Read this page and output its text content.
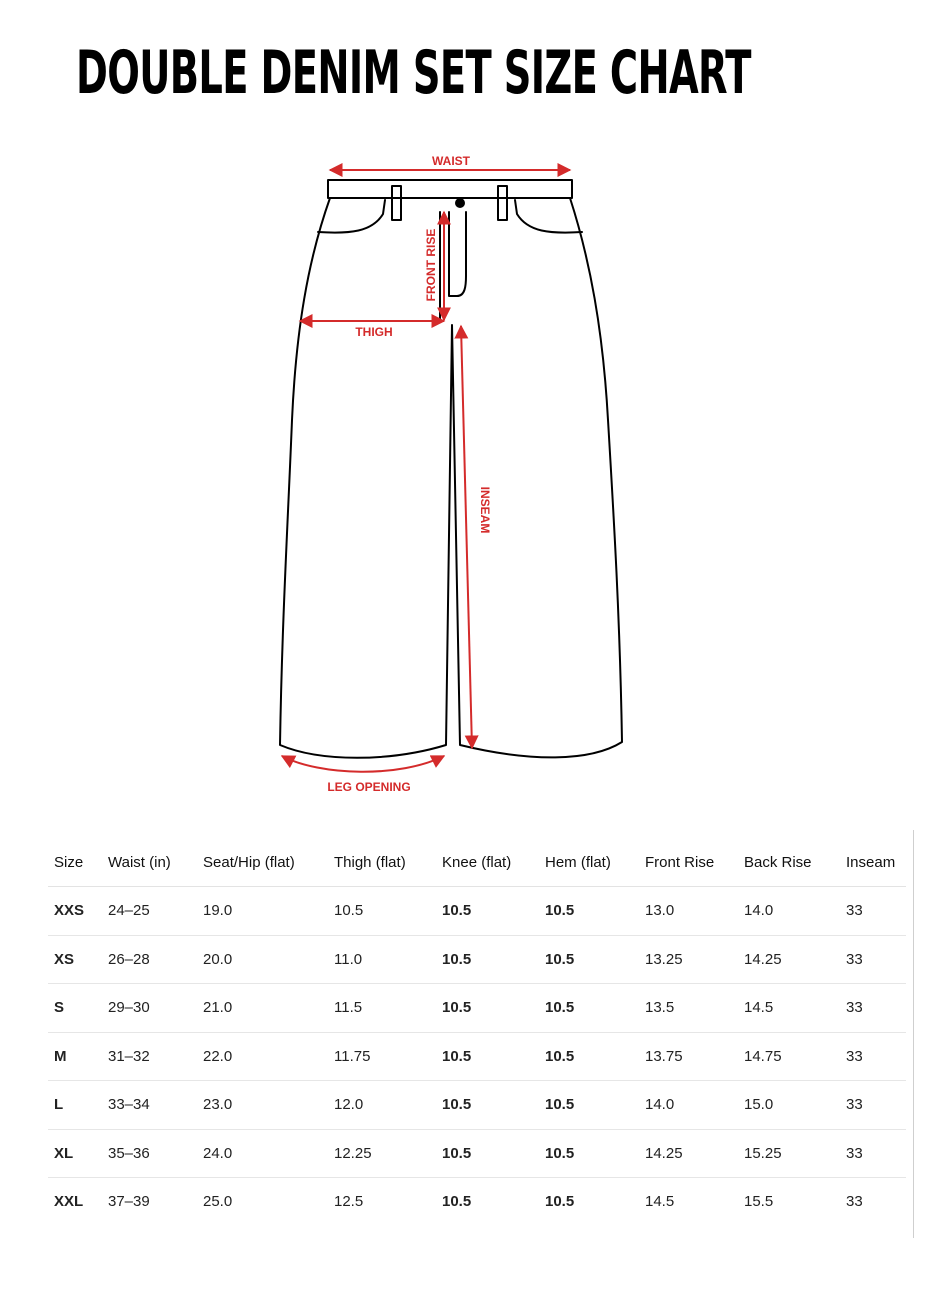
DOUBLE DENIM SET SIZE CHART
WAIST
FRONT RISE
THIGH
INSEAM
LEG OPENING
Size	Waist (in)	Seat/Hip (flat)	Thigh (flat)	Knee (flat)	Hem (flat)	Front Rise	Back Rise	Inseam
XXS	24–25	19.0	10.5	10.5	10.5	13.0	14.0	33
XS	26–28	20.0	11.0	10.5	10.5	13.25	14.25	33
S	29–30	21.0	11.5	10.5	10.5	13.5	14.5	33
M	31–32	22.0	11.75	10.5	10.5	13.75	14.75	33
L	33–34	23.0	12.0	10.5	10.5	14.0	15.0	33
XL	35–36	24.0	12.25	10.5	10.5	14.25	15.25	33
XXL	37–39	25.0	12.5	10.5	10.5	14.5	15.5	33
